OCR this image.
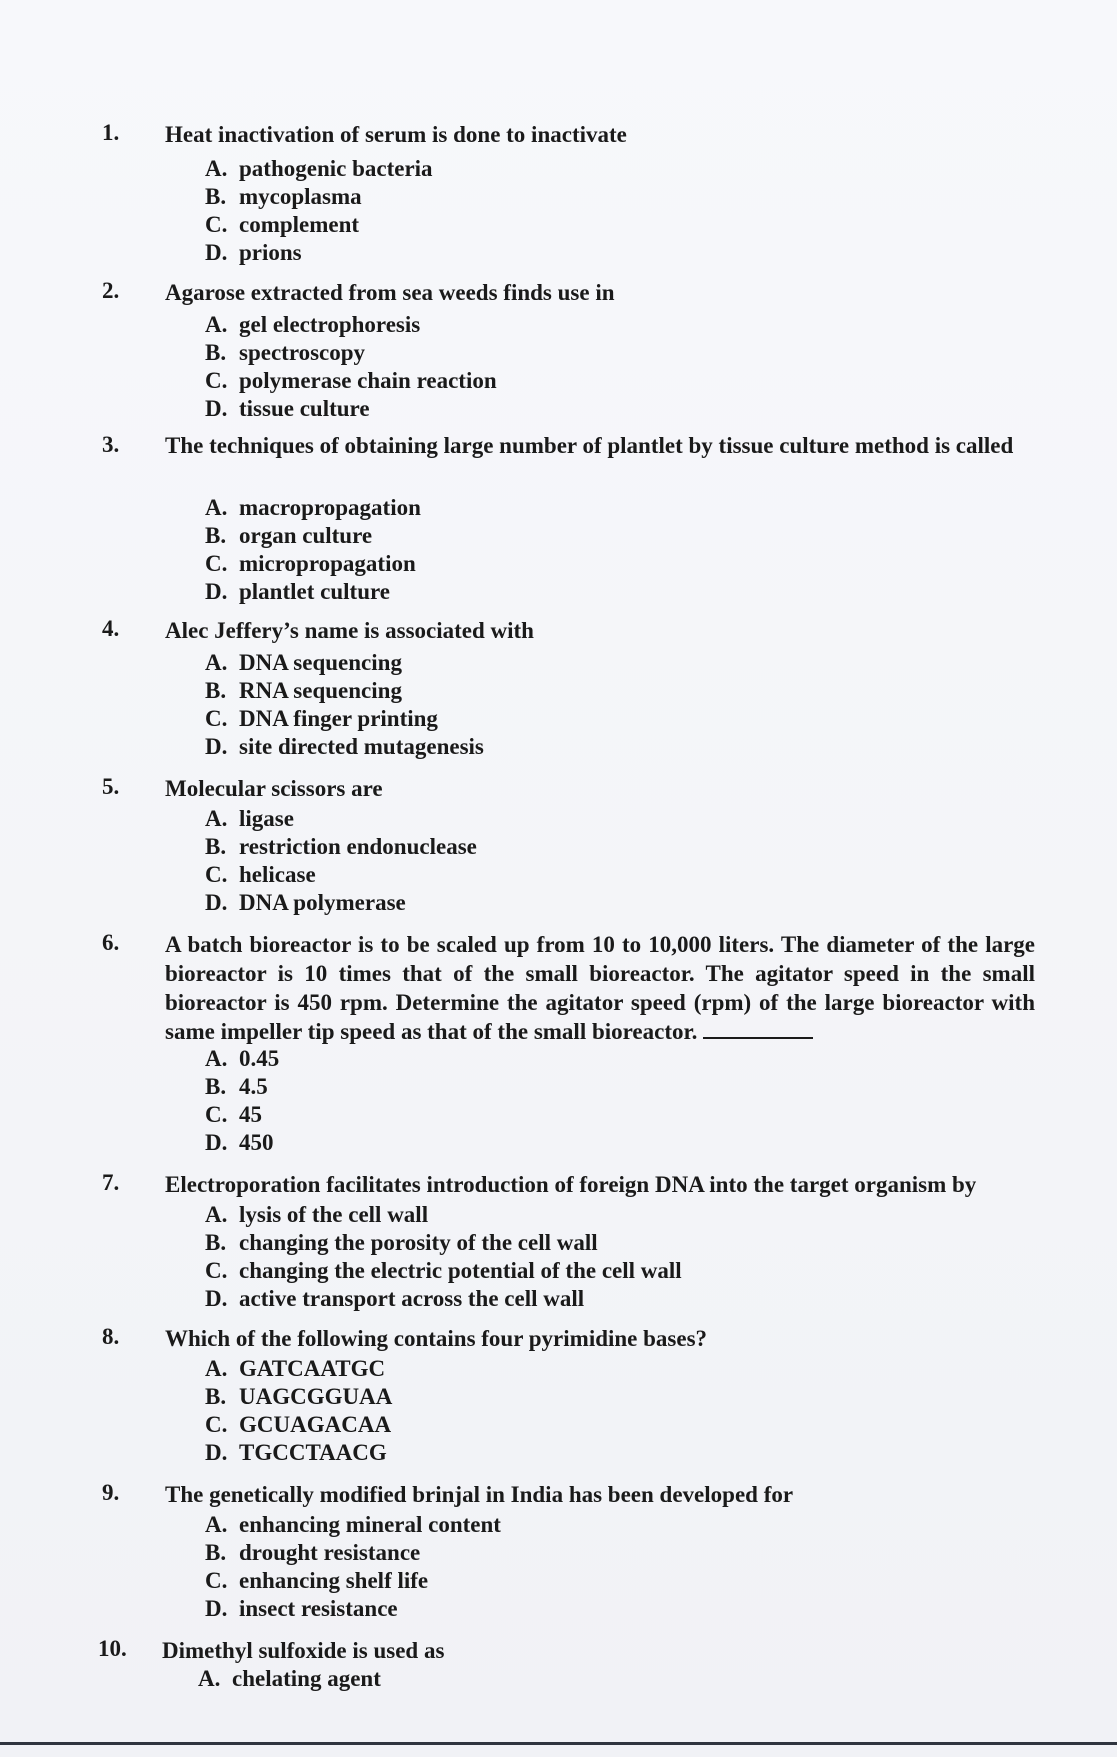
1. Heat inactivation of serum is done to inactivate
A. pathogenic bacteria
B. mycoplasma
C. complement
D. prions
2. Agarose extracted from sea weeds finds use in
A. gel electrophoresis
B. spectroscopy
C. polymerase chain reaction
D. tissue culture
3. The techniques of obtaining large number of plantlet by tissue culture method is called
A. macropropagation
B. organ culture
C. micropropagation
D. plantlet culture
4. Alec Jeffery’s name is associated with
A. DNA sequencing
B. RNA sequencing
C. DNA finger printing
D. site directed mutagenesis
5. Molecular scissors are
A. ligase
B. restriction endonuclease
C. helicase
D. DNA polymerase
6. A batch bioreactor is to be scaled up from 10 to 10,000 liters. The diameter of the large bioreactor is 10 times that of the small bioreactor. The agitator speed in the small bioreactor is 450 rpm. Determine the agitator speed (rpm) of the large bioreactor with same impeller tip speed as that of the small bioreactor.
A. 0.45
B. 4.5
C. 45
D. 450
7. Electroporation facilitates introduction of foreign DNA into the target organism by
A. lysis of the cell wall
B. changing the porosity of the cell wall
C. changing the electric potential of the cell wall
D. active transport across the cell wall
8. Which of the following contains four pyrimidine bases?
A. GATCAATGC
B. UAGCGGUAA
C. GCUAGACAA
D. TGCCTAACG
9. The genetically modified brinjal in India has been developed for
A. enhancing mineral content
B. drought resistance
C. enhancing shelf life
D. insect resistance
10. Dimethyl sulfoxide is used as
A. chelating agent
